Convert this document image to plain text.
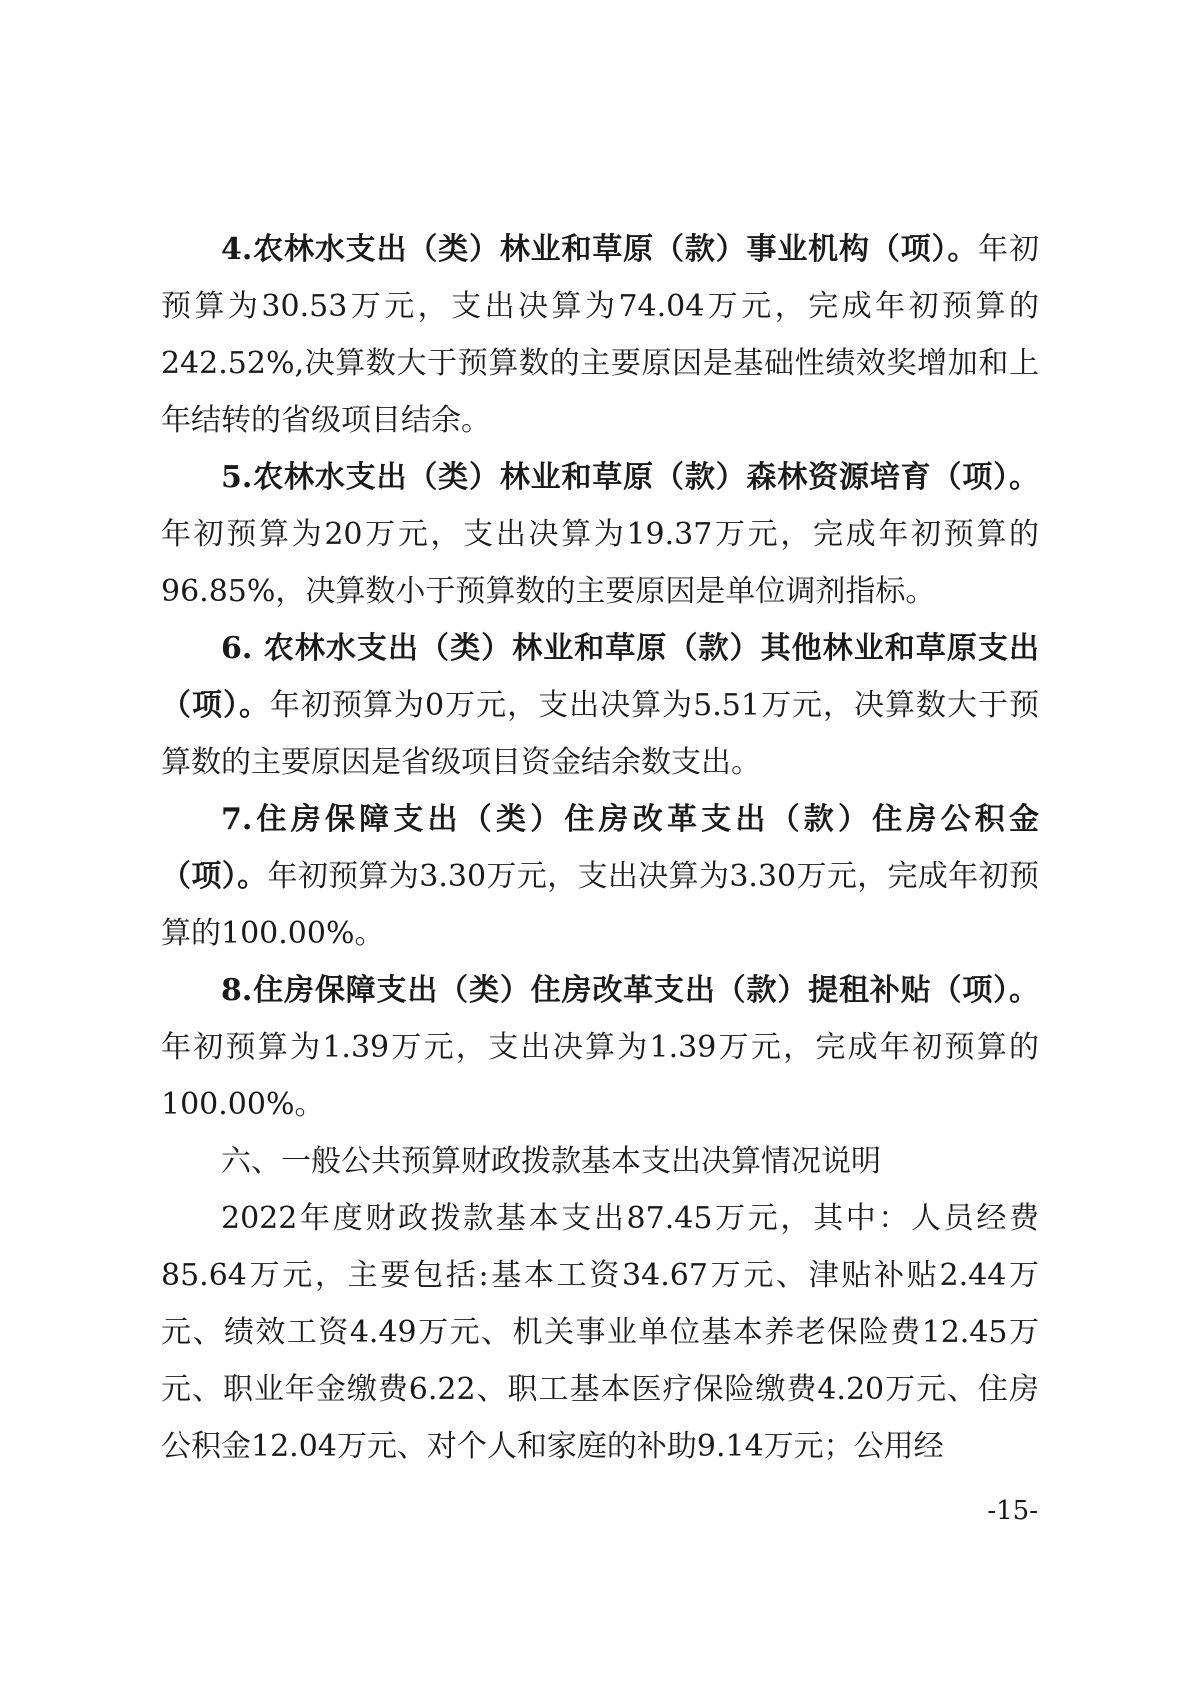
4.农林水支出（类）林业和草原（款）事业机构（项）。年初预算为30.53万元，支出决算为74.04万元，完成年初预算的242.52%,决算数大于预算数的主要原因是基础性绩效奖增加和上年结转的省级项目结余。

5.农林水支出（类）林业和草原（款）森林资源培育（项）。年初预算为20万元，支出决算为19.37万元，完成年初预算的96.85%，决算数小于预算数的主要原因是单位调剂指标。

6. 农林水支出（类）林业和草原（款）其他林业和草原支出（项）。年初预算为0万元，支出决算为5.51万元，决算数大于预算数的主要原因是省级项目资金结余数支出。

7.住房保障支出（类）住房改革支出（款）住房公积金（项）。年初预算为3.30万元，支出决算为3.30万元，完成年初预算的100.00%。

8.住房保障支出（类）住房改革支出（款）提租补贴（项）。年初预算为1.39万元，支出决算为1.39万元，完成年初预算的100.00%。

六、一般公共预算财政拨款基本支出决算情况说明

2022年度财政拨款基本支出87.45万元，其中：人员经费85.64万元，主要包括:基本工资34.67万元、津贴补贴2.44万元、绩效工资4.49万元、机关事业单位基本养老保险费12.45万元、职业年金缴费6.22、职工基本医疗保险缴费4.20万元、住房公积金12.04万元、对个人和家庭的补助9.14万元；公用经

-15-
